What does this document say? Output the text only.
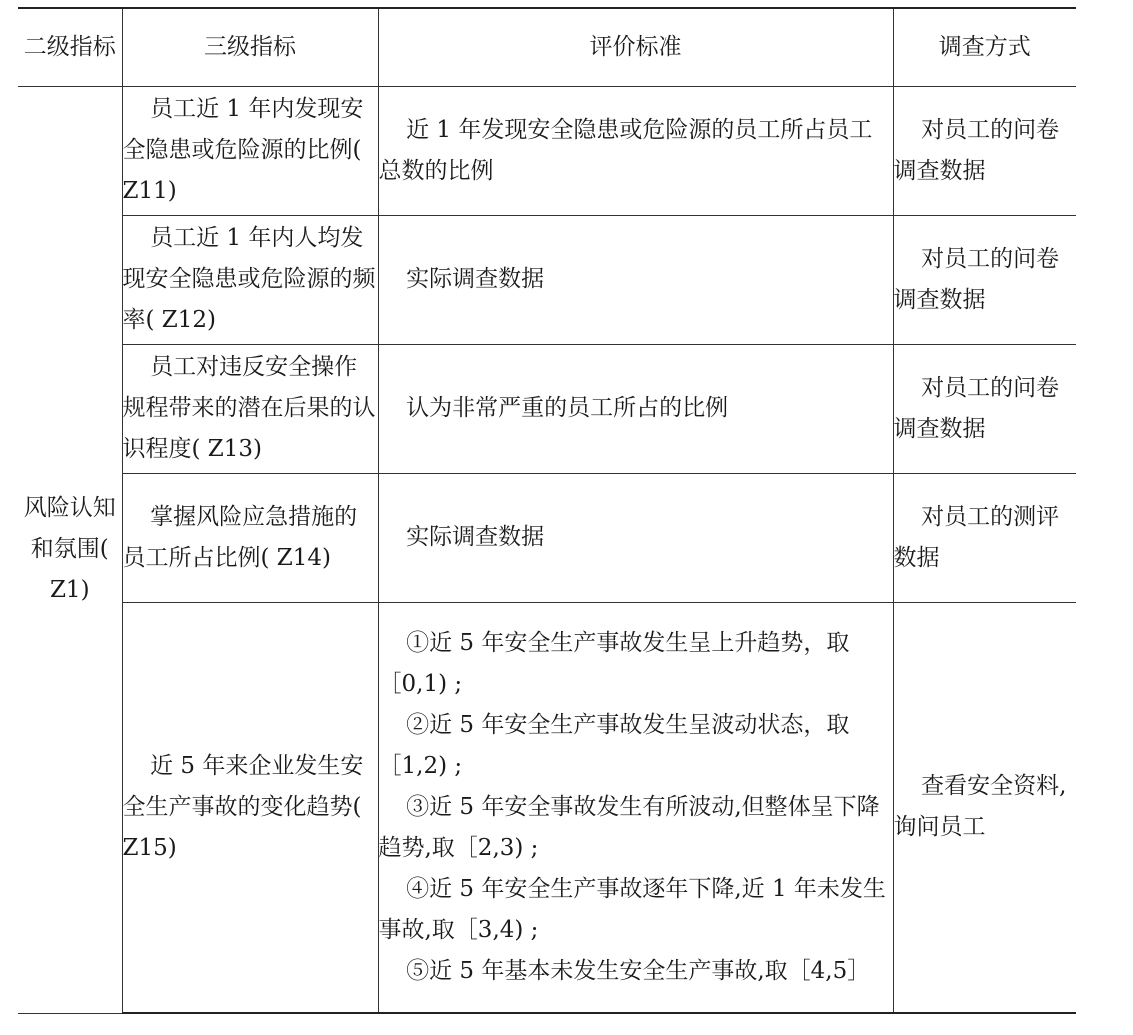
二级指标	三级指标	评价标准	调查方式
风险认知和氛围( Z1)	员工近 1 年内发现安全隐患或危险源的比例( Z11)	近 1 年发现安全隐患或危险源的员工所占员工总数的比例	对员工的问卷调查数据

	员工近 1 年内人均发现安全隐患或危险源的频率( Z12)	实际调查数据	对员工的问卷调查数据

	员工对违反安全操作规程带来的潜在后果的认识程度( Z13)	认为非常严重的员工所占的比例	对员工的问卷调查数据

	掌握风险应急措施的员工所占比例( Z14)	实际调查数据	对员工的测评数据

	近 5 年来企业发生安全生产事故的变化趋势( Z15)	①近 5 年安全生产事故发生呈上升趋势，取［0,1) ;
②近 5 年安全生产事故发生呈波动状态，取［1,2) ;
③近 5 年安全事故发生有所波动,但整体呈下降趋势,取［2,3) ;
④近 5 年安全生产事故逐年下降,近 1 年未发生事故,取［3,4) ;
⑤近 5 年基本未发生安全生产事故,取［4,5］	查看安全资料,询问员工
